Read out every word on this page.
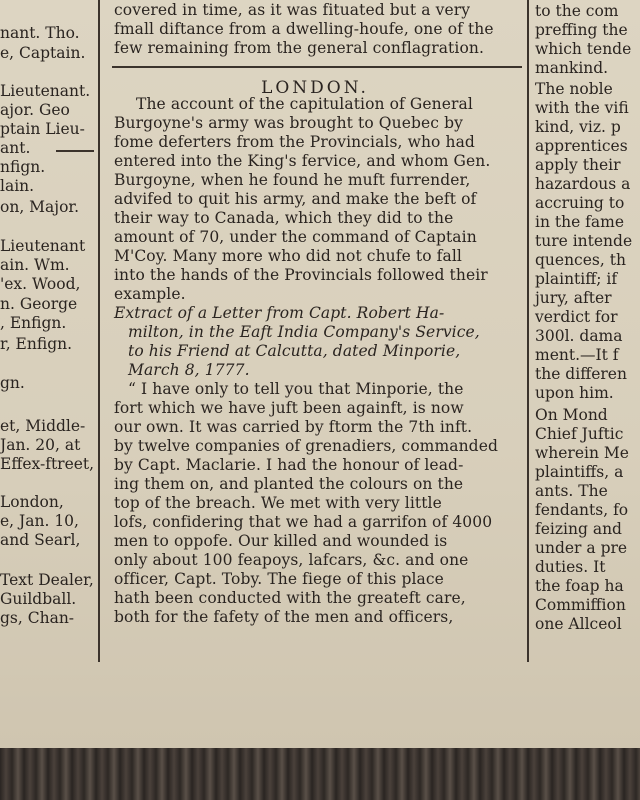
nant. Tho.
e, Captain.
Lieutenant.
ajor. Geo
ptain Lieu-
ant.
nfign.
lain.
on, Major.
Lieutenant
ain. Wm.
'ex. Wood,
n. George
, Enfign.
r, Enfign.
gn.
et, Middle-
Jan. 20, at
Effex-ftreet,
London,
e, Jan. 10,
and Searl,
Text Dealer,
Guildball.
gs, Chan-
LONDON.
covered in time, as it was fituated but a very
fmall diftance from a dwelling-houfe, one of the
few remaining from the general conflagration.
The account of the capitulation of General
Burgoyne's army was brought to Quebec by
fome deferters from the Provincials, who had
entered into the King's fervice, and whom Gen.
Burgoyne, when he found he muft furrender,
advifed to quit his army, and make the beft of
their way to Canada, which they did to the
amount of 70, under the command of Captain
M'Coy. Many more who did not chufe to fall
into the hands of the Provincials followed their
example.
Extract of a Letter from Capt. Robert Ha-
milton, in the Eaft India Company's Service,
to his Friend at Calcutta, dated Minporie,
March 8, 1777.
“ I have only to tell you that Minporie, the
fort which we have juft been againft, is now
our own. It was carried by ftorm the 7th inft.
by twelve companies of grenadiers, commanded
by Capt. Maclarie. I had the honour of lead-
ing them on, and planted the colours on the
top of the breach. We met with very little
lofs, confidering that we had a garrifon of 4000
men to oppofe. Our killed and wounded is
only about 100 feapoys, lafcars, &c. and one
officer, Capt. Toby. The fiege of this place
hath been conducted with the greateft care,
both for the fafety of the men and officers,
to the com
preffing the
which tende
mankind.
The noble
with the vifi
kind, viz. p
apprentices
apply their
hazardous a
accruing to
in the fame
ture intende
quences, th
plaintiff; if
jury, after
verdict for
300l. dama
ment.—It f
the differen
upon him.
On Mond
Chief Juftic
wherein Me
plaintiffs, a
ants. The
fendants, fo
feizing and
under a pre
duties. It
the foap ha
Commiffion
one Allceol
